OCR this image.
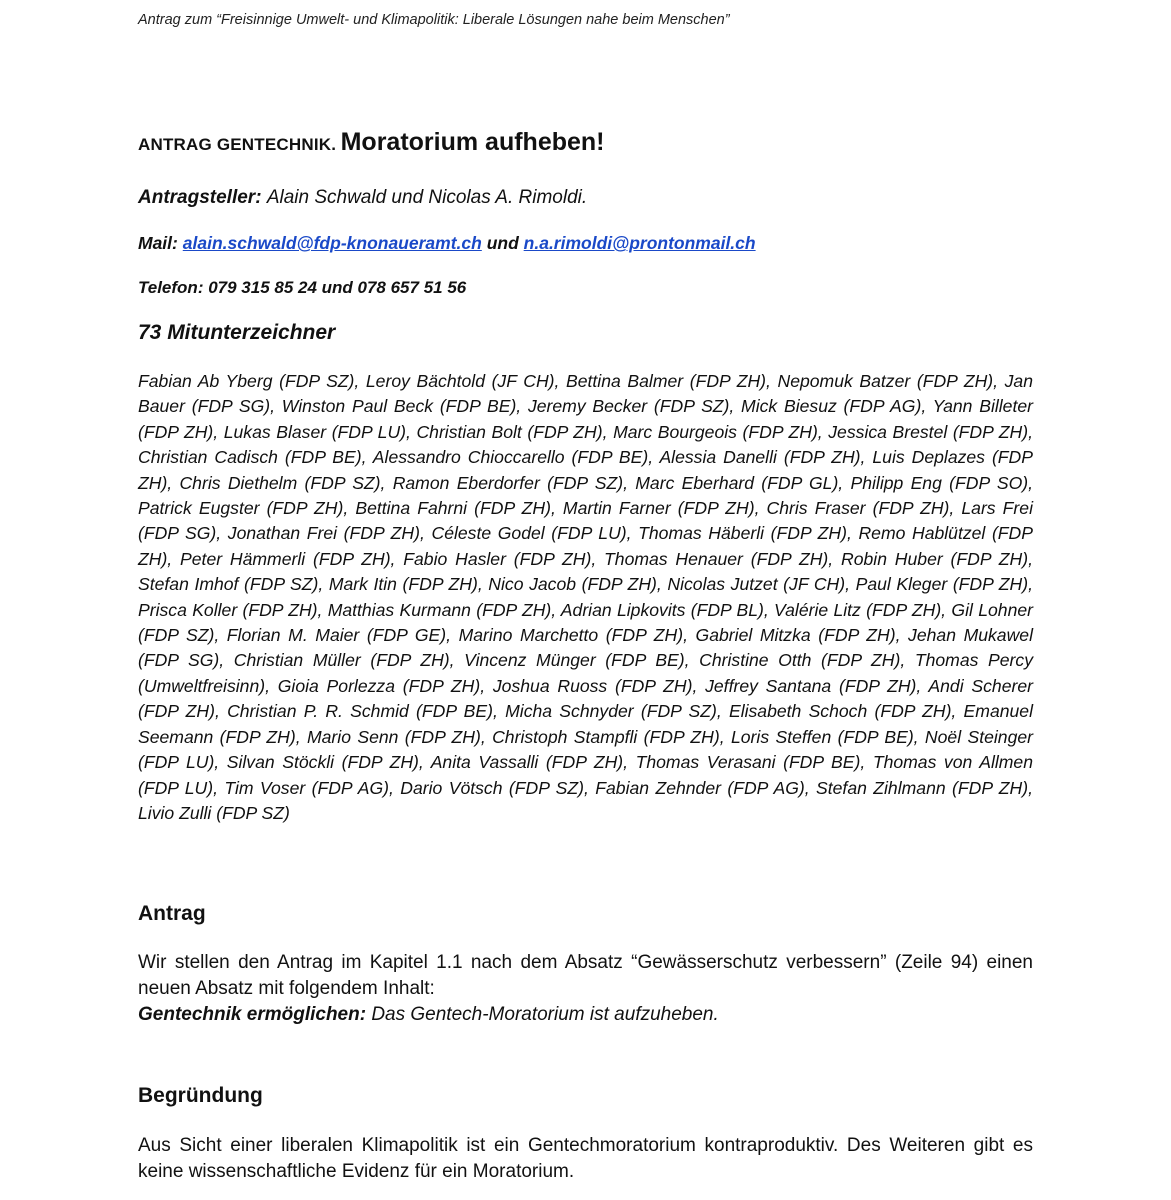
Antrag zum “Freisinnige Umwelt- und Klimapolitik: Liberale Lösungen nahe beim Menschen”
ANTRAG GENTECHNIK. Moratorium aufheben!
Antragsteller: Alain Schwald und Nicolas A. Rimoldi.
Mail: alain.schwald@fdp-knonaueramt.ch und n.a.rimoldi@prontonmail.ch
Telefon: 079 315 85 24 und 078 657 51 56
73 Mitunterzeichner
Fabian Ab Yberg (FDP SZ), Leroy Bächtold (JF CH), Bettina Balmer (FDP ZH), Nepomuk Batzer (FDP ZH), Jan Bauer (FDP SG), Winston Paul Beck (FDP BE), Jeremy Becker (FDP SZ), Mick Biesuz (FDP AG), Yann Billeter (FDP ZH), Lukas Blaser (FDP LU), Christian Bolt (FDP ZH), Marc Bourgeois (FDP ZH), Jessica Brestel (FDP ZH), Christian Cadisch (FDP BE), Alessandro Chioccarello (FDP BE), Alessia Danelli (FDP ZH), Luis Deplazes (FDP ZH), Chris Diethelm (FDP SZ), Ramon Eberdorfer (FDP SZ), Marc Eberhard (FDP GL), Philipp Eng (FDP SO), Patrick Eugster (FDP ZH), Bettina Fahrni (FDP ZH), Martin Farner (FDP ZH), Chris Fraser (FDP ZH), Lars Frei (FDP SG), Jonathan Frei (FDP ZH), Céleste Godel (FDP LU), Thomas Häberli (FDP ZH), Remo Hablützel (FDP ZH), Peter Hämmerli (FDP ZH), Fabio Hasler (FDP ZH), Thomas Henauer (FDP ZH), Robin Huber (FDP ZH), Stefan Imhof (FDP SZ), Mark Itin (FDP ZH), Nico Jacob (FDP ZH), Nicolas Jutzet (JF CH), Paul Kleger (FDP ZH), Prisca Koller (FDP ZH), Matthias Kurmann (FDP ZH), Adrian Lipkovits (FDP BL), Valérie Litz (FDP ZH), Gil Lohner (FDP SZ), Florian M. Maier (FDP GE), Marino Marchetto (FDP ZH), Gabriel Mitzka (FDP ZH), Jehan Mukawel (FDP SG), Christian Müller (FDP ZH), Vincenz Münger (FDP BE), Christine Otth (FDP ZH), Thomas Percy (Umweltfreisinn), Gioia Porlezza (FDP ZH), Joshua Ruoss (FDP ZH), Jeffrey Santana (FDP ZH), Andi Scherer (FDP ZH), Christian P. R. Schmid (FDP BE), Micha Schnyder (FDP SZ), Elisabeth Schoch (FDP ZH), Emanuel Seemann (FDP ZH), Mario Senn (FDP ZH), Christoph Stampfli (FDP ZH), Loris Steffen (FDP BE), Noël Steinger (FDP LU), Silvan Stöckli (FDP ZH), Anita Vassalli (FDP ZH), Thomas Verasani (FDP BE), Thomas von Allmen (FDP LU), Tim Voser (FDP AG), Dario Vötsch (FDP SZ), Fabian Zehnder (FDP AG), Stefan Zihlmann (FDP ZH), Livio Zulli (FDP SZ)
Antrag
Wir stellen den Antrag im Kapitel 1.1 nach dem Absatz “Gewässerschutz verbessern” (Zeile 94) einen neuen Absatz mit folgendem Inhalt:
Gentechnik ermöglichen: Das Gentech-Moratorium ist aufzuheben.
Begründung
Aus Sicht einer liberalen Klimapolitik ist ein Gentechmoratorium kontraproduktiv. Des Weiteren gibt es keine wissenschaftliche Evidenz für ein Moratorium.
